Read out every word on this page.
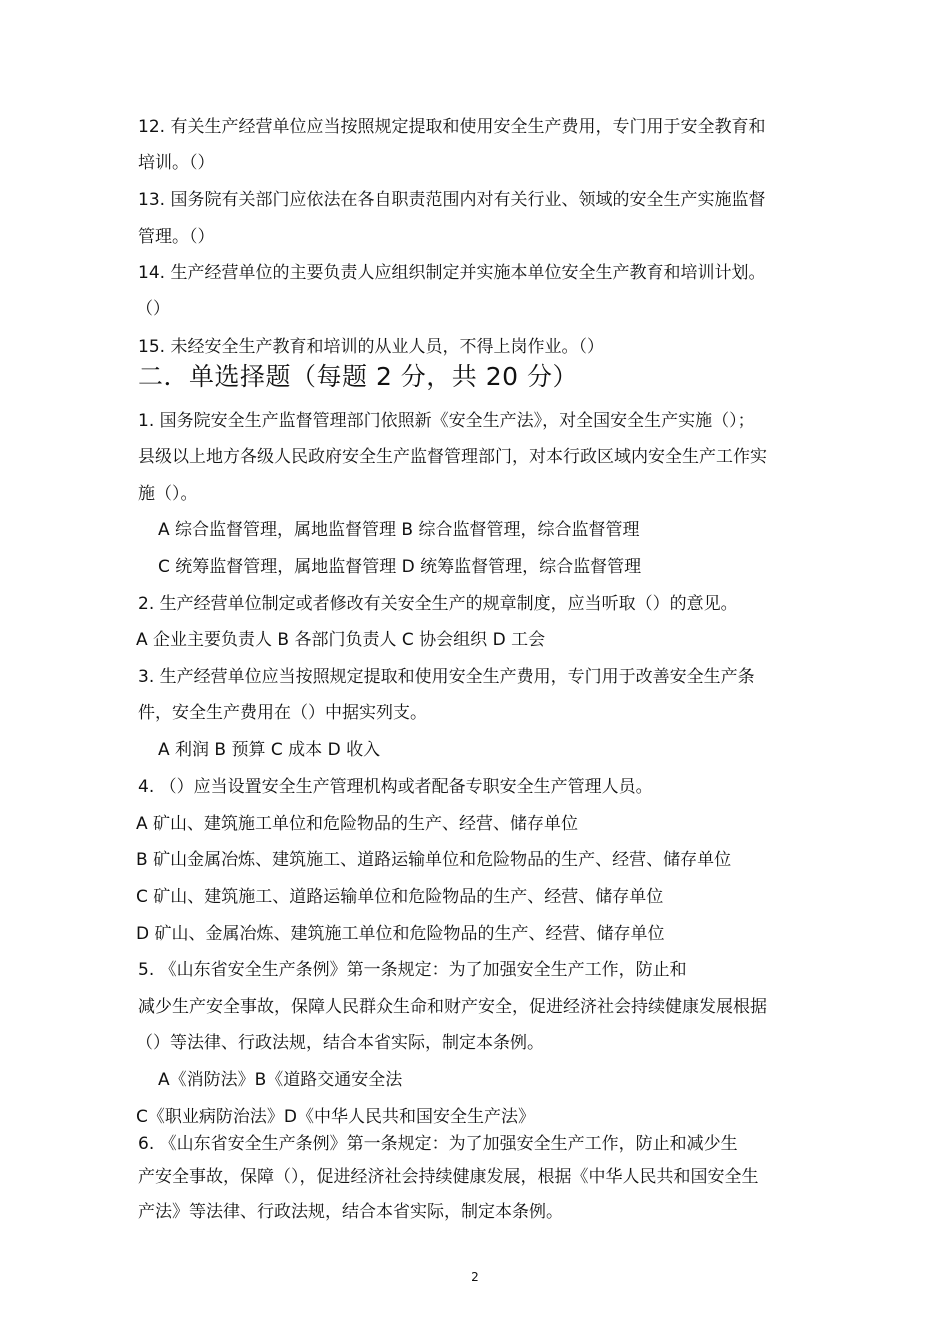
12. 有关生产经营单位应当按照规定提取和使用安全生产费用，专门用于安全教育和
培训。（）
13. 国务院有关部门应依法在各自职责范围内对有关行业、领域的安全生产实施监督
管理。（）
14. 生产经营单位的主要负责人应组织制定并实施本单位安全生产教育和培训计划。
（）
15. 未经安全生产教育和培训的从业人员，不得上岗作业。（）
二．单选择题（每题 2 分，共 20 分）
1. 国务院安全生产监督管理部门依照新《安全生产法》，对全国安全生产实施（）；
县级以上地方各级人民政府安全生产监督管理部门，对本行政区域内安全生产工作实
施（）。
A 综合监督管理，属地监督管理 B 综合监督管理，综合监督管理
C 统筹监督管理，属地监督管理 D 统筹监督管理，综合监督管理
2. 生产经营单位制定或者修改有关安全生产的规章制度，应当听取（）的意见。
A 企业主要负责人 B 各部门负责人 C 协会组织 D 工会
3. 生产经营单位应当按照规定提取和使用安全生产费用，专门用于改善安全生产条
件，安全生产费用在（）中据实列支。
A 利润 B 预算 C 成本 D 收入
4. （）应当设置安全生产管理机构或者配备专职安全生产管理人员。
A 矿山、建筑施工单位和危险物品的生产、经营、储存单位
B 矿山金属冶炼、建筑施工、道路运输单位和危险物品的生产、经营、储存单位
C 矿山、建筑施工、道路运输单位和危险物品的生产、经营、储存单位
D 矿山、金属冶炼、建筑施工单位和危险物品的生产、经营、储存单位
5. 《山东省安全生产条例》第一条规定：为了加强安全生产工作，防止和
减少生产安全事故，保障人民群众生命和财产安全，促进经济社会持续健康发展根据
（）等法律、行政法规，结合本省实际，制定本条例。
A《消防法》B《道路交通安全法
C《职业病防治法》D《中华人民共和国安全生产法》
6. 《山东省安全生产条例》第一条规定：为了加强安全生产工作，防止和减少生
产安全事故，保障（），促进经济社会持续健康发展，根据《中华人民共和国安全生
产法》等法律、行政法规，结合本省实际，制定本条例。
2
